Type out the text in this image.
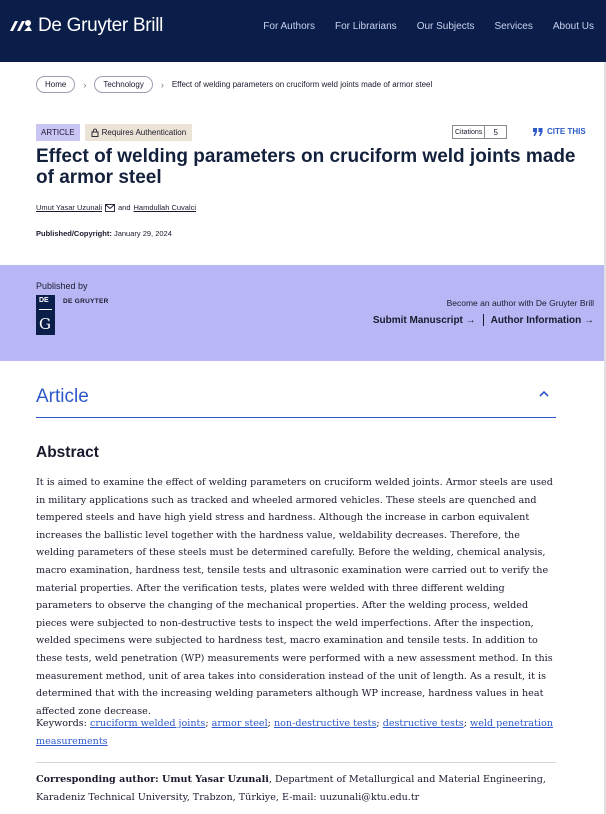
De Gruyter Brill	For Authors For Librarians Our Subjects Services About Us
Home	›	Technology	› Effect of welding parameters on cruciform weld joints made of armor steel
ARTICLE	Requires Authentication	Citations	5	CITE THIS
Effect of welding parameters on cruciform weld joints made of armor steel
Umut Yasar Uzunali and Hamdullah Cuvalci
Published/Copyright: January 29, 2024
Published by
DE
G
DE GRUYTER	Become an author with De Gruyter Brill
Submit Manuscript → Author Information →
Article
Abstract

It is aimed to examine the effect of welding parameters on cruciform welded joints. Armor steels are used in military applications such as tracked and wheeled armored vehicles. These steels are quenched and tempered steels and have high yield stress and hardness. Although the increase in carbon equivalent increases the ballistic level together with the hardness value, weldability decreases. Therefore, the welding parameters of these steels must be determined carefully. Before the welding, chemical analysis, macro examination, hardness test, tensile tests and ultrasonic examination were carried out to verify the material properties. After the verification tests, plates were welded with three different welding parameters to observe the changing of the mechanical properties. After the welding process, welded pieces were subjected to non-destructive tests to inspect the weld imperfections. After the inspection, welded specimens were subjected to hardness test, macro examination and tensile tests. In addition to these tests, weld penetration (WP) measurements were performed with a new assessment method. In this measurement method, unit of area takes into consideration instead of the unit of length. As a result, it is determined that with the increasing welding parameters although WP increase, hardness values in heat affected zone decrease.

Keywords: cruciform welded joints; armor steel; non-destructive tests; destructive tests; weld penetration measurements

Corresponding author: Umut Yasar Uzunali, Department of Metallurgical and Material Engineering, Karadeniz Technical University, Trabzon, Türkiye, E-mail: uuzunali@ktu.edu.tr
